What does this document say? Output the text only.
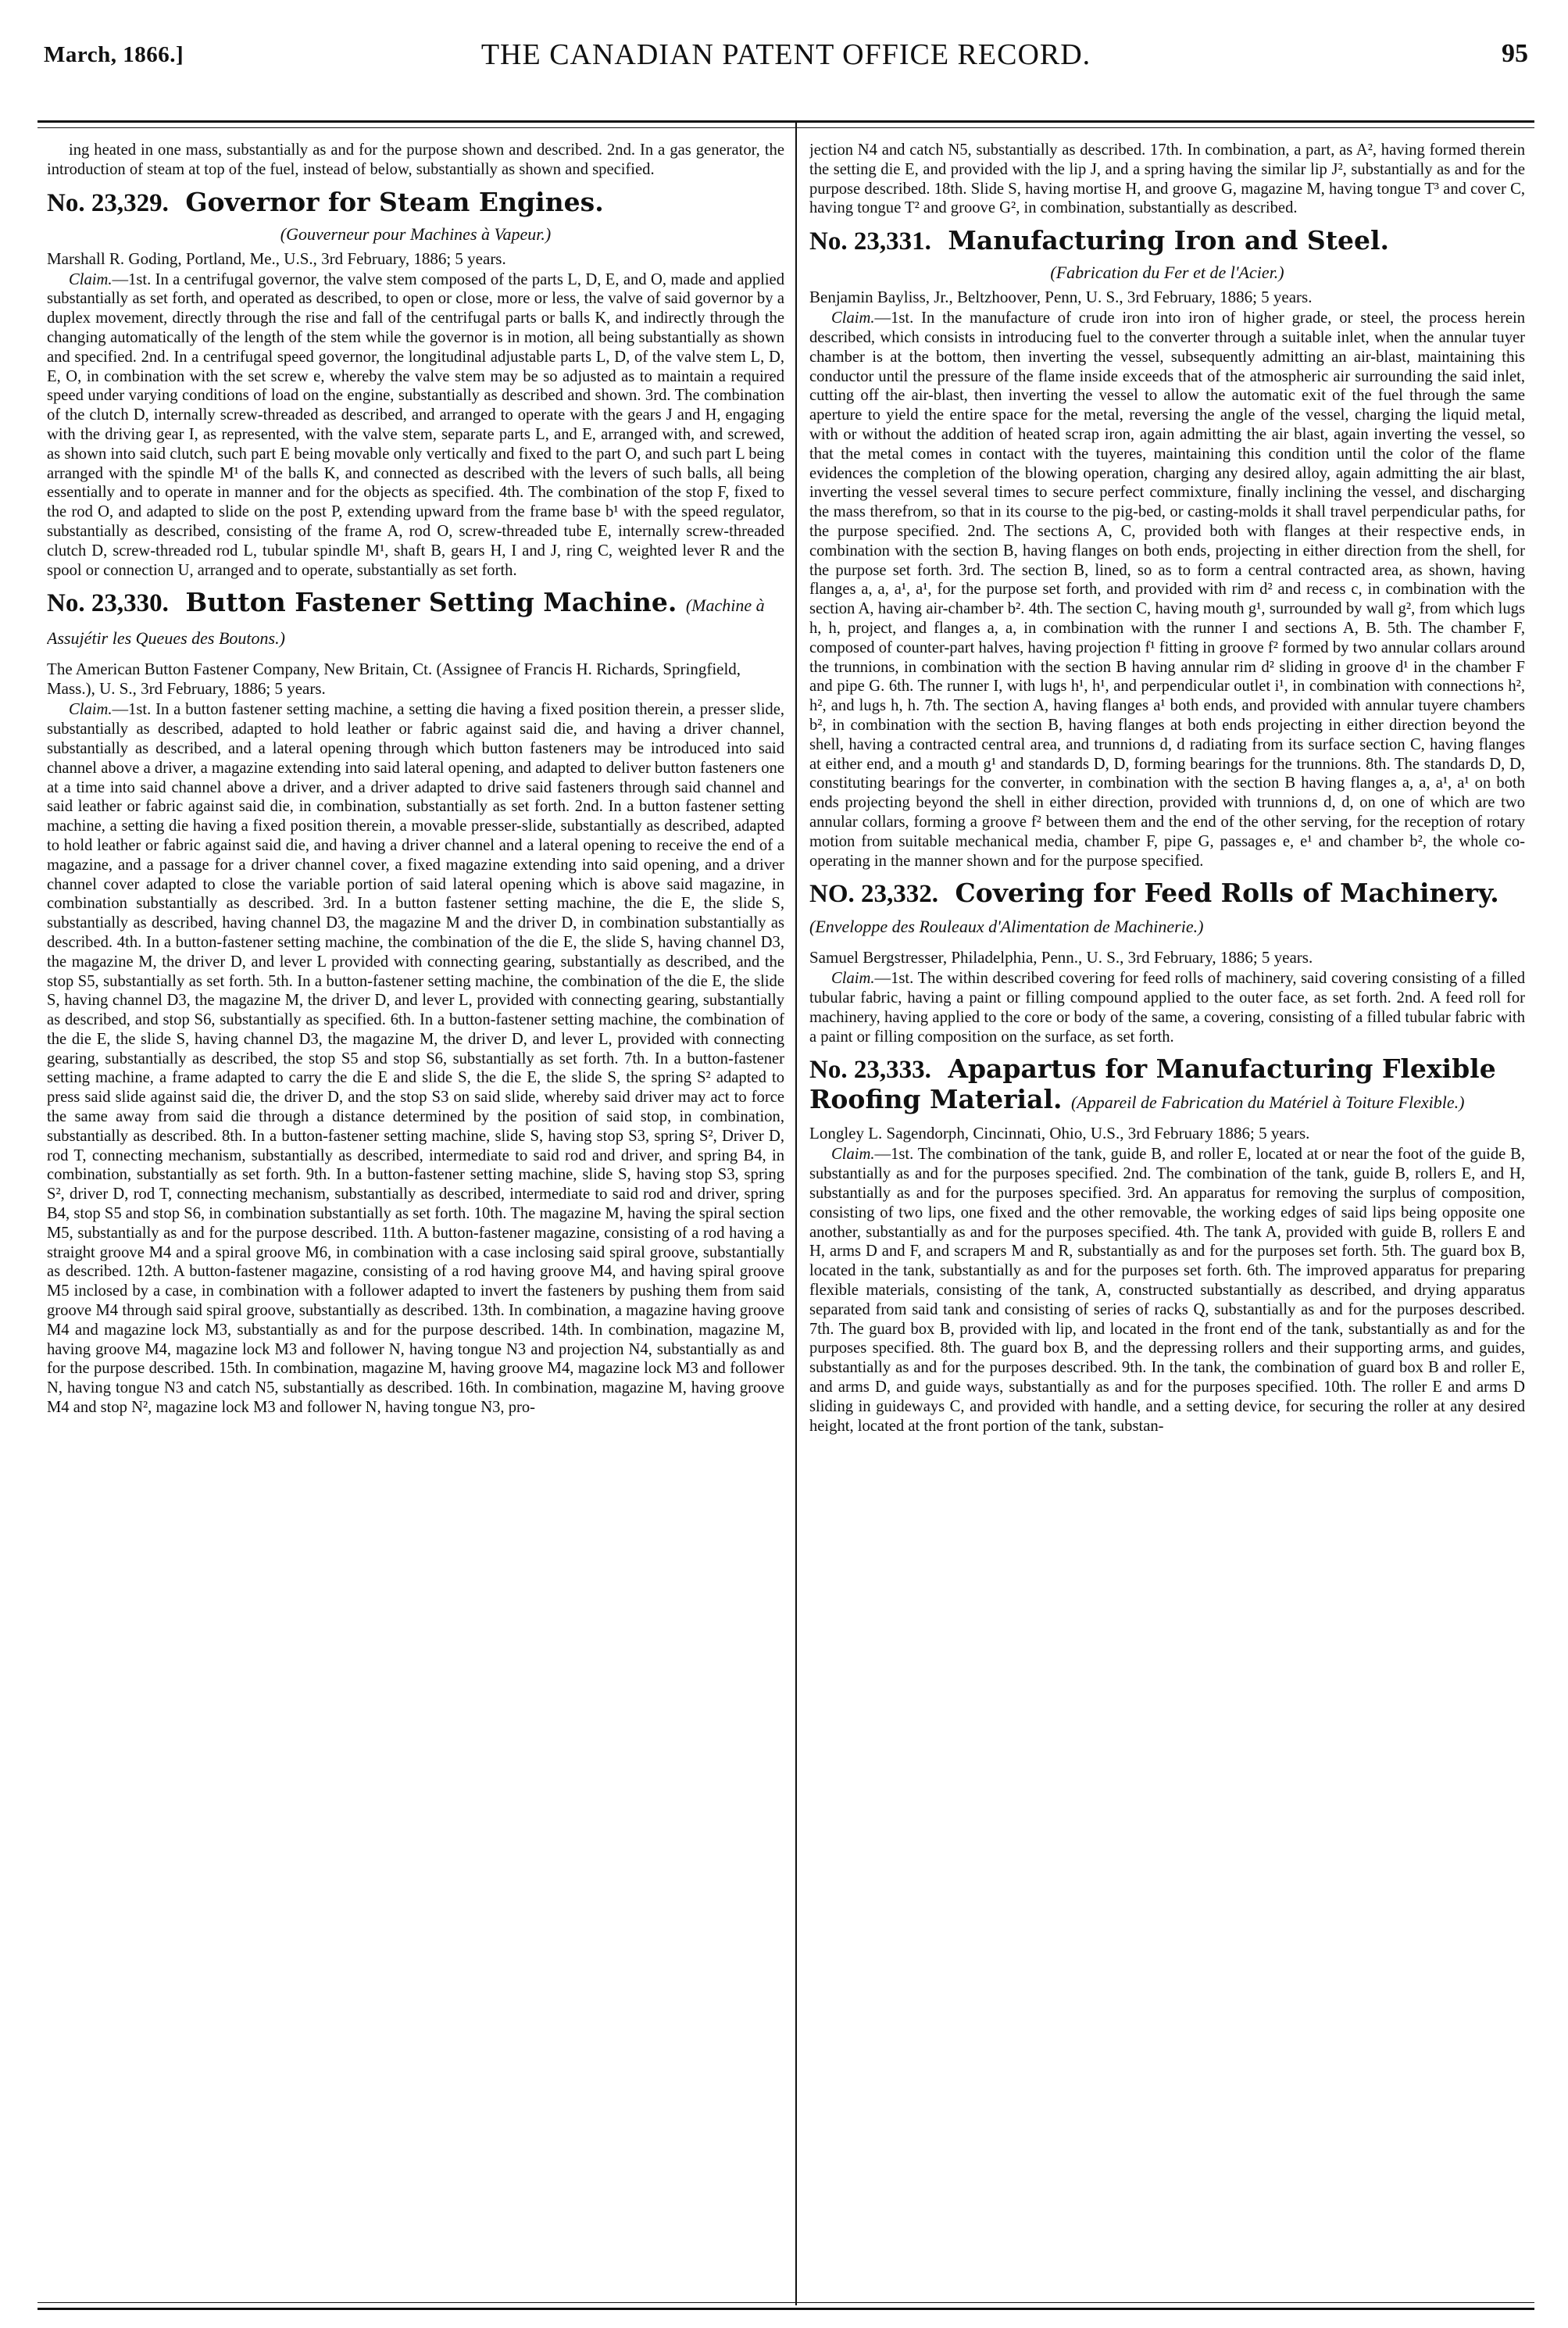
March, 1866.]	THE CANADIAN PATENT OFFICE RECORD.	95

ing heated in one mass, substantially as and for the purpose shown and described. 2nd. In a gas generator, the introduction of steam at top of the fuel, instead of below, substantially as shown and specified.

No. 23,329. Governor for Steam Engines.

(Gouverneur pour Machines à Vapeur.)

Marshall R. Goding, Portland, Me., U.S., 3rd February, 1886; 5 years.

Claim.—1st. In a centrifugal governor, the valve stem composed of the parts L, D, E, and O, made and applied substantially as set forth, and operated as described, to open or close, more or less, the valve of said governor by a duplex movement, directly through the rise and fall of the centrifugal parts or balls K, and indirectly through the changing automatically of the length of the stem while the governor is in motion, all being substantially as shown and specified. 2nd. In a centrifugal speed governor, the longitudinal adjustable parts L, D, of the valve stem L, D, E, O, in combination with the set screw e, whereby the valve stem may be so adjusted as to maintain a required speed under varying conditions of load on the engine, substantially as described and shown. 3rd. The combination of the clutch D, internally screw-threaded as described, and arranged to operate with the gears J and H, engaging with the driving gear I, as represented, with the valve stem, separate parts L, and E, arranged with, and screwed, as shown into said clutch, such part E being movable only vertically and fixed to the part O, and such part L being arranged with the spindle M¹ of the balls K, and connected as described with the levers of such balls, all being essentially and to operate in manner and for the objects as specified. 4th. The combination of the stop F, fixed to the rod O, and adapted to slide on the post P, extending upward from the frame base b¹ with the speed regulator, substantially as described, consisting of the frame A, rod O, screw-threaded tube E, internally screw-threaded clutch D, screw-threaded rod L, tubular spindle M¹, shaft B, gears H, I and J, ring C, weighted lever R and the spool or connection U, arranged and to operate, substantially as set forth.

No. 23,330. Button Fastener Setting Machine. (Machine à Assujétir les Queues des Boutons.)

The American Button Fastener Company, New Britain, Ct. (Assignee of Francis H. Richards, Springfield, Mass.), U. S., 3rd February, 1886; 5 years.

Claim.—1st. In a button fastener setting machine, a setting die having a fixed position therein, a presser slide, substantially as described, adapted to hold leather or fabric against said die, and having a driver channel, substantially as described, and a lateral opening through which button fasteners may be introduced into said channel above a driver, a magazine extending into said lateral opening, and adapted to deliver button fasteners one at a time into said channel above a driver, and a driver adapted to drive said fasteners through said channel and said leather or fabric against said die, in combination, substantially as set forth. 2nd. In a button fastener setting machine, a setting die having a fixed position therein, a movable presser-slide, substantially as described, adapted to hold leather or fabric against said die, and having a driver channel and a lateral opening to receive the end of a magazine, and a passage for a driver channel cover, a fixed magazine extending into said opening, and a driver channel cover adapted to close the variable portion of said lateral opening which is above said magazine, in combination substantially as described. 3rd. In a button fastener setting machine, the die E, the slide S, substantially as described, having channel D3, the magazine M and the driver D, in combination substantially as described. 4th. In a button-fastener setting machine, the combination of the die E, the slide S, having channel D3, the magazine M, the driver D, and lever L provided with connecting gearing, substantially as described, and the stop S5, substantially as set forth. 5th. In a button-fastener setting machine, the combination of the die E, the slide S, having channel D3, the magazine M, the driver D, and lever L, provided with connecting gearing, substantially as described, and stop S6, substantially as specified. 6th. In a button-fastener setting machine, the combination of the die E, the slide S, having channel D3, the magazine M, the driver D, and lever L, provided with connecting gearing, substantially as described, the stop S5 and stop S6, substantially as set forth. 7th. In a button-fastener setting machine, a frame adapted to carry the die E and slide S, the die E, the slide S, the spring S² adapted to press said slide against said die, the driver D, and the stop S3 on said slide, whereby said driver may act to force the same away from said die through a distance determined by the position of said stop, in combination, substantially as described. 8th. In a button-fastener setting machine, slide S, having stop S3, spring S², Driver D, rod T, connecting mechanism, substantially as described, intermediate to said rod and driver, and spring B4, in combination, substantially as set forth. 9th. In a button-fastener setting machine, slide S, having stop S3, spring S², driver D, rod T, connecting mechanism, substantially as described, intermediate to said rod and driver, spring B4, stop S5 and stop S6, in combination substantially as set forth. 10th. The magazine M, having the spiral section M5, substantially as and for the purpose described. 11th. A button-fastener magazine, consisting of a rod having a straight groove M4 and a spiral groove M6, in combination with a case inclosing said spiral groove, substantially as described. 12th. A button-fastener magazine, consisting of a rod having groove M4, and having spiral groove M5 inclosed by a case, in combination with a follower adapted to invert the fasteners by pushing them from said groove M4 through said spiral groove, substantially as described. 13th. In combination, a magazine having groove M4 and magazine lock M3, substantially as and for the purpose described. 14th. In combination, magazine M, having groove M4, magazine lock M3 and follower N, having tongue N3 and projection N4, substantially as and for the purpose described. 15th. In combination, magazine M, having groove M4, magazine lock M3 and follower N, having tongue N3 and catch N5, substantially as described. 16th. In combination, magazine M, having groove M4 and stop N², magazine lock M3 and follower N, having tongue N3, pro-

jection N4 and catch N5, substantially as described. 17th. In combination, a part, as A², having formed therein the setting die E, and provided with the lip J, and a spring having the similar lip J², substantially as and for the purpose described. 18th. Slide S, having mortise H, and groove G, magazine M, having tongue T³ and cover C, having tongue T² and groove G², in combination, substantially as described.

No. 23,331. Manufacturing Iron and Steel.

(Fabrication du Fer et de l'Acier.)

Benjamin Bayliss, Jr., Beltzhoover, Penn, U. S., 3rd February, 1886; 5 years.

Claim.—1st. In the manufacture of crude iron into iron of higher grade, or steel, the process herein described, which consists in introducing fuel to the converter through a suitable inlet, when the annular tuyer chamber is at the bottom, then inverting the vessel, subsequently admitting an air-blast, maintaining this conductor until the pressure of the flame inside exceeds that of the atmospheric air surrounding the said inlet, cutting off the air-blast, then inverting the vessel to allow the automatic exit of the fuel through the same aperture to yield the entire space for the metal, reversing the angle of the vessel, charging the liquid metal, with or without the addition of heated scrap iron, again admitting the air blast, again inverting the vessel, so that the metal comes in contact with the tuyeres, maintaining this condition until the color of the flame evidences the completion of the blowing operation, charging any desired alloy, again admitting the air blast, inverting the vessel several times to secure perfect commixture, finally inclining the vessel, and discharging the mass therefrom, so that in its course to the pig-bed, or casting-molds it shall travel perpendicular paths, for the purpose specified. 2nd. The sections A, C, provided both with flanges at their respective ends, in combination with the section B, having flanges on both ends, projecting in either direction from the shell, for the purpose set forth. 3rd. The section B, lined, so as to form a central contracted area, as shown, having flanges a, a, a¹, a¹, for the purpose set forth, and provided with rim d² and recess c, in combination with the section A, having air-chamber b². 4th. The section C, having mouth g¹, surrounded by wall g², from which lugs h, h, project, and flanges a, a, in combination with the runner I and sections A, B. 5th. The chamber F, composed of counter-part halves, having projection f¹ fitting in groove f² formed by two annular collars around the trunnions, in combination with the section B having annular rim d² sliding in groove d¹ in the chamber F and pipe G. 6th. The runner I, with lugs h¹, h¹, and perpendicular outlet i¹, in combination with connections h², h², and lugs h, h. 7th. The section A, having flanges a¹ both ends, and provided with annular tuyere chambers b², in combination with the section B, having flanges at both ends projecting in either direction beyond the shell, having a contracted central area, and trunnions d, d radiating from its surface section C, having flanges at either end, and a mouth g¹ and standards D, D, forming bearings for the trunnions. 8th. The standards D, D, constituting bearings for the converter, in combination with the section B having flanges a, a, a¹, a¹ on both ends projecting beyond the shell in either direction, provided with trunnions d, d, on one of which are two annular collars, forming a groove f² between them and the end of the other serving, for the reception of rotary motion from suitable mechanical media, chamber F, pipe G, passages e, e¹ and chamber b², the whole co-operating in the manner shown and for the purpose specified.

NO. 23,332. Covering for Feed Rolls of Machinery. (Enveloppe des Rouleaux d'Alimentation de Machinerie.)

Samuel Bergstresser, Philadelphia, Penn., U. S., 3rd February, 1886; 5 years.

Claim.—1st. The within described covering for feed rolls of machinery, said covering consisting of a filled tubular fabric, having a paint or filling compound applied to the outer face, as set forth. 2nd. A feed roll for machinery, having applied to the core or body of the same, a covering, consisting of a filled tubular fabric with a paint or filling composition on the surface, as set forth.

No. 23,333. Apapartus for Manufacturing Flexible Roofing Material. (Appareil de Fabrication du Matériel à Toiture Flexible.)

Longley L. Sagendorph, Cincinnati, Ohio, U.S., 3rd February 1886; 5 years.

Claim.—1st. The combination of the tank, guide B, and roller E, located at or near the foot of the guide B, substantially as and for the purposes specified. 2nd. The combination of the tank, guide B, rollers E, and H, substantially as and for the purposes specified. 3rd. An apparatus for removing the surplus of composition, consisting of two lips, one fixed and the other removable, the working edges of said lips being opposite one another, substantially as and for the purposes specified. 4th. The tank A, provided with guide B, rollers E and H, arms D and F, and scrapers M and R, substantially as and for the purposes set forth. 5th. The guard box B, located in the tank, substantially as and for the purposes set forth. 6th. The improved apparatus for preparing flexible materials, consisting of the tank, A, constructed substantially as described, and drying apparatus separated from said tank and consisting of series of racks Q, substantially as and for the purposes described. 7th. The guard box B, provided with lip, and located in the front end of the tank, substantially as and for the purposes specified. 8th. The guard box B, and the depressing rollers and their supporting arms, and guides, substantially as and for the purposes described. 9th. In the tank, the combination of guard box B and roller E, and arms D, and guide ways, substantially as and for the purposes specified. 10th. The roller E and arms D sliding in guideways C, and provided with handle, and a setting device, for securing the roller at any desired height, located at the front portion of the tank, substan-
